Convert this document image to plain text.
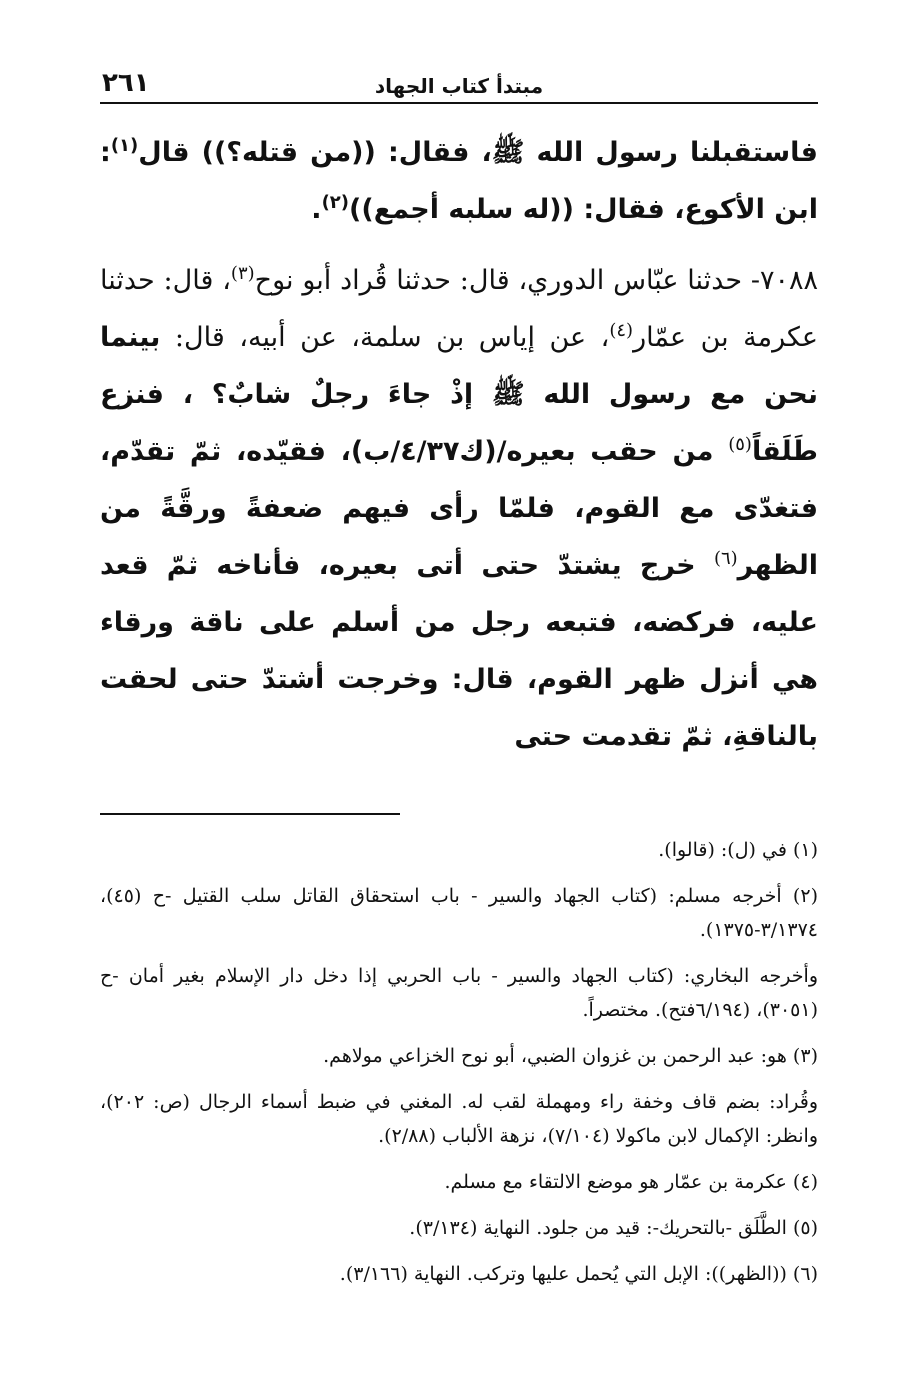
٢٦١	مبتدأ كتاب الجهاد

فاستقبلنا رسول الله ﷺ، فقال: ((من قتله؟)) قال$^{(١)}$: ابن الأكوع، فقال: ((له سلبه أجمع))$^{(٢)}$.

٧٠٨٨- حدثنا عبّاس الدوري، قال: حدثنا قُراد أبو نوح$^{(٣)}$، قال: حدثنا عكرمة بن عمّار$^{(٤)}$، عن إياس بن سلمة، عن أبيه، قال: بينما نحن مع رسول الله ﷺ إذْ جاءَ رجلٌ شابٌ؟ ، فنزع طَلَقاً$^{(٥)}$ من حقب بعيره/(ك٤/٣٧/ب)، فقيّده، ثمّ تقدّم، فتغدّى مع القوم، فلمّا رأى فيهم ضعفةً ورقَّةً من الظهر$^{(٦)}$ خرج يشتدّ حتى أتى بعيره، فأناخه ثمّ قعد عليه، فركضه، فتبعه رجل من أسلم على ناقة ورقاء هي أنزل ظهر القوم، قال: وخرجت أشتدّ حتى لحقت بالناقةِ، ثمّ تقدمت حتى

(١) في (ل): (قالوا).

(٢) أخرجه مسلم: (كتاب الجهاد والسير - باب استحقاق القاتل سلب القتيل -ح (٤٥)، ٣/١٣٧٤-١٣٧٥).

وأخرجه البخاري: (كتاب الجهاد والسير - باب الحربي إذا دخل دار الإسلام بغير أمان -ح (٣٠٥١)، (٦/١٩٤فتح). مختصراً.

(٣) هو: عبد الرحمن بن غزوان الضبي، أبو نوح الخزاعي مولاهم.

وقُراد: بضم قاف وخفة راء ومهملة لقب له. المغني في ضبط أسماء الرجال (ص: ٢٠٢)، وانظر: الإكمال لابن ماكولا (٧/١٠٤)، نزهة الألباب (٢/٨٨).

(٤) عكرمة بن عمّار هو موضع الالتقاء مع مسلم.

(٥) الطَّلَق -بالتحريك-: قيد من جلود. النهاية (٣/١٣٤).

(٦) ((الظهر)): الإبل التي يُحمل عليها وتركب. النهاية (٣/١٦٦).
